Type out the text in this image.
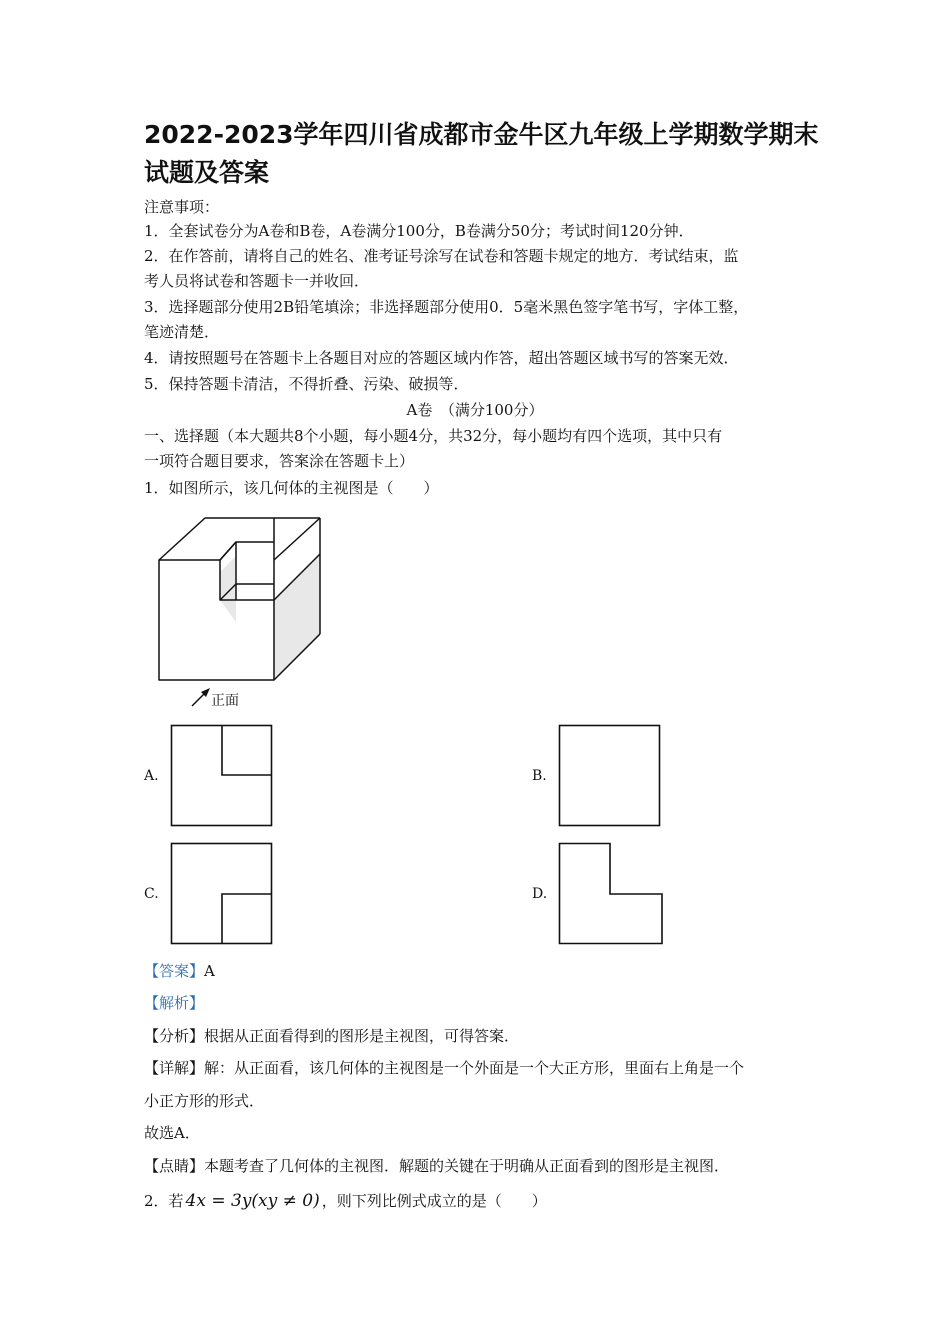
2022-2023学年四川省成都市金牛区九年级上学期数学期末试题及答案
注意事项：
1．全套试卷分为A卷和B卷，A卷满分100分，B卷满分50分；考试时间120分钟．
2．在作答前，请将自己的姓名、准考证号涂写在试卷和答题卡规定的地方．考试结束，监
考人员将试卷和答题卡一并收回．
3．选择题部分使用2B铅笔填涂；非选择题部分使用0．5毫米黑色签字笔书写，字体工整，
笔迹清楚．
4．请按照题号在答题卡上各题目对应的答题区域内作答，超出答题区域书写的答案无效．
5．保持答题卡清洁，不得折叠、污染、破损等．
A卷　（满分100分）
一、选择题（本大题共8个小题，每小题4分，共32分，每小题均有四个选项，其中只有
一项符合题目要求，答案涂在答题卡上）
1．如图所示，该几何体的主视图是（　　）
正面
A.	B.
C.	D.
【答案】A
【解析】
【分析】根据从正面看得到的图形是主视图，可得答案．
【详解】解：从正面看，该几何体的主视图是一个外面是一个大正方形，里面右上角是一个
小正方形的形式．
故选A．
【点睛】本题考查了几何体的主视图．解题的关键在于明确从正面看到的图形是主视图．
2．若 4x = 3y(xy ≠ 0) ，则下列比例式成立的是（　　）
